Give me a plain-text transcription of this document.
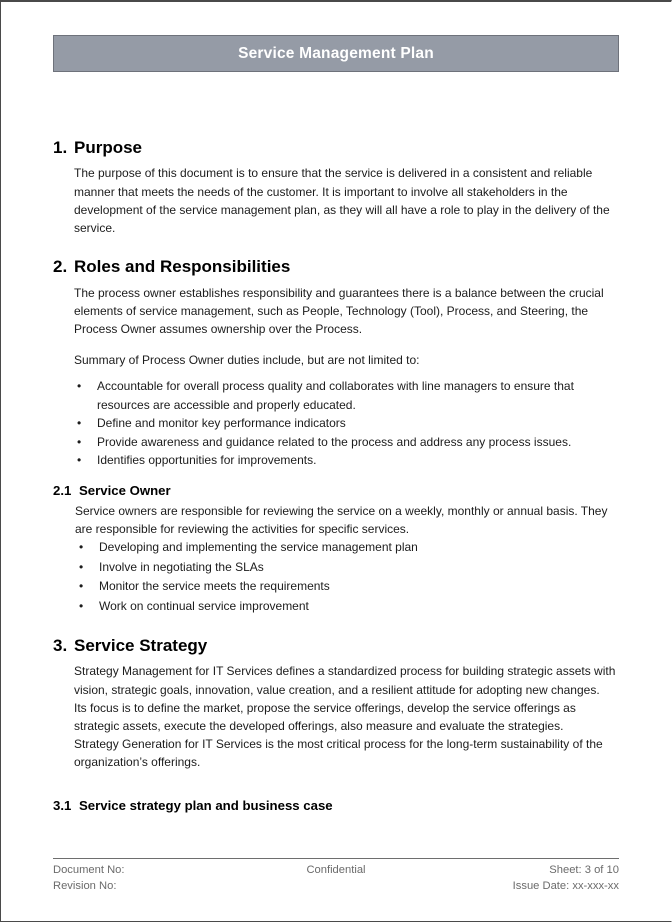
Service Management Plan
1. Purpose

The purpose of this document is to ensure that the service is delivered in a consistent and reliable manner that meets the needs of the customer. It is important to involve all stakeholders in the development of the service management plan, as they will all have a role to play in the delivery of the service.

2. Roles and Responsibilities

The process owner establishes responsibility and guarantees there is a balance between the crucial elements of service management, such as People, Technology (Tool), Process, and Steering, the Process Owner assumes ownership over the Process.

Summary of Process Owner duties include, but are not limited to:

• Accountable for overall process quality and collaborates with line managers to ensure that resources are accessible and properly educated.
• Define and monitor key performance indicators
• Provide awareness and guidance related to the process and address any process issues.
• Identifies opportunities for improvements.
2.1 Service Owner

Service owners are responsible for reviewing the service on a weekly, monthly or annual basis. They are responsible for reviewing the activities for specific services.

• Developing and implementing the service management plan
• Involve in negotiating the SLAs
• Monitor the service meets the requirements
• Work on continual service improvement
3. Service Strategy

Strategy Management for IT Services defines a standardized process for building strategic assets with vision, strategic goals, innovation, value creation, and a resilient attitude for adopting new changes.

Its focus is to define the market, propose the service offerings, develop the service offerings as strategic assets, execute the developed offerings, also measure and evaluate the strategies.

Strategy Generation for IT Services is the most critical process for the long-term sustainability of the organization’s offerings.

3.1 Service strategy plan and business case
Document No:	Confidential	Sheet: 3 of 10
Revision No:	Issue Date: xx-xxx-xx
